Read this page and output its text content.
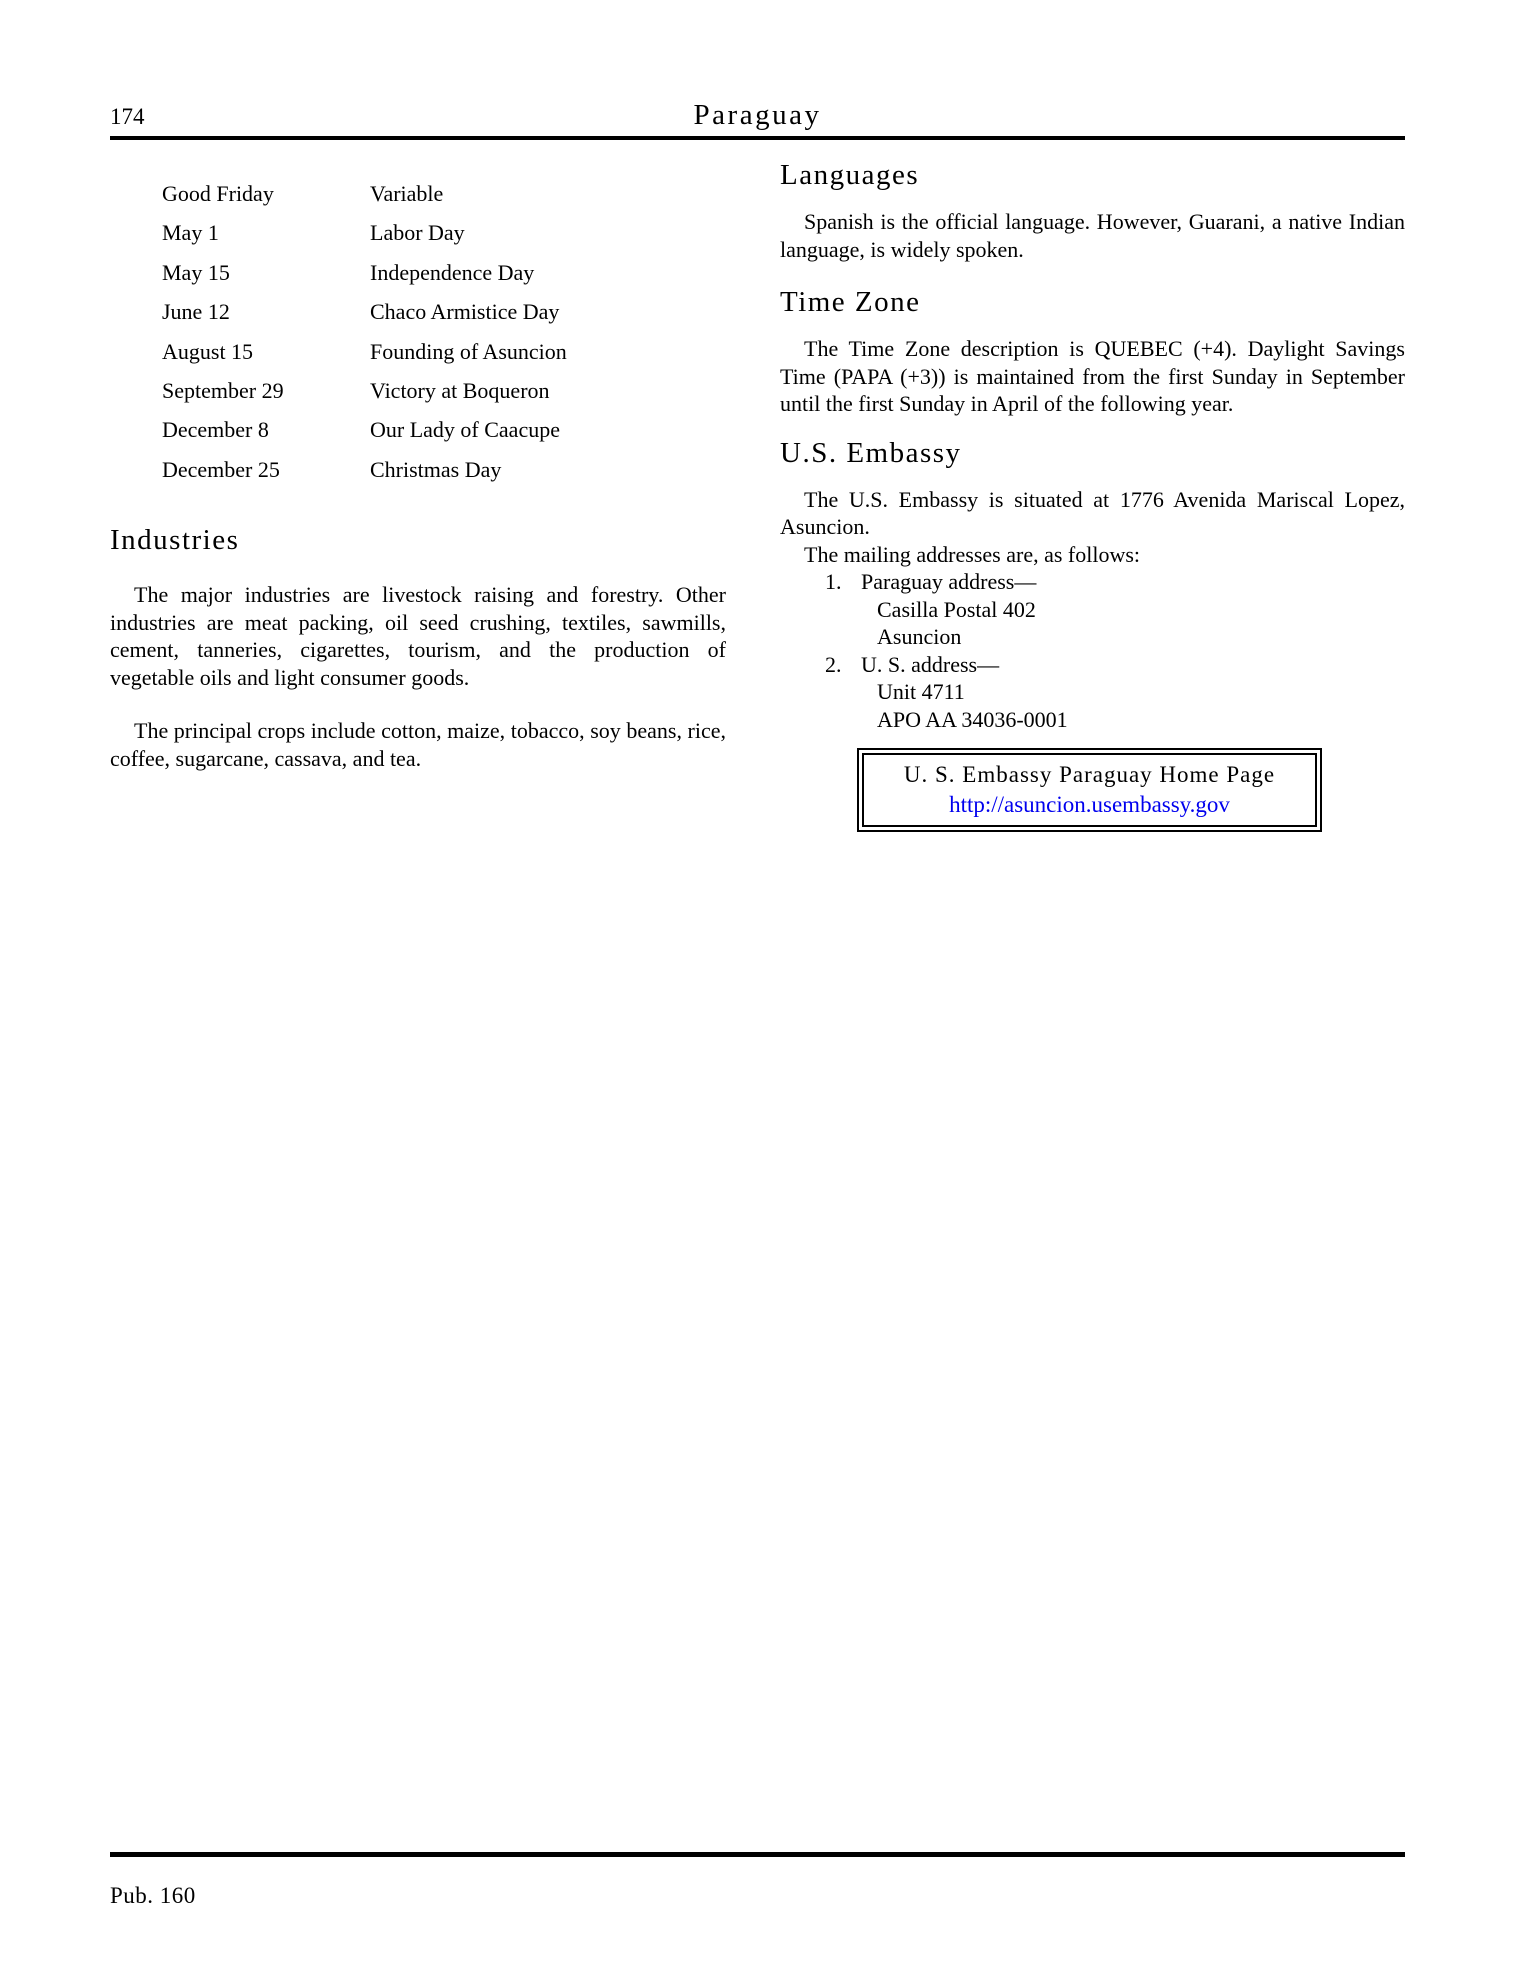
174	Paraguay
Good Friday	Variable
May 1	Labor Day
May 15	Independence Day
June 12	Chaco Armistice Day
August 15	Founding of Asuncion
September 29	Victory at Boqueron
December 8	Our Lady of Caacupe
December 25	Christmas Day
Industries

The major industries are livestock raising and forestry. Other industries are meat packing, oil seed crushing, textiles, sawmills, cement, tanneries, cigarettes, tourism, and the production of vegetable oils and light consumer goods.

The principal crops include cotton, maize, tobacco, soy beans, rice, coffee, sugarcane, cassava, and tea.

Languages

Spanish is the official language. However, Guarani, a native Indian language, is widely spoken.

Time Zone

The Time Zone description is QUEBEC (+4). Daylight Savings Time (PAPA (+3)) is maintained from the first Sunday in September until the first Sunday in April of the following year.

U.S. Embassy

The U.S. Embassy is situated at 1776 Avenida Mariscal Lopez, Asuncion.

The mailing addresses are, as follows:

1. Paraguay address—
Casilla Postal 402
Asuncion
2. U. S. address—
Unit 4711
APO AA 34036-0001
U. S. Embassy Paraguay Home Page
http://asuncion.usembassy.gov
Pub. 160
